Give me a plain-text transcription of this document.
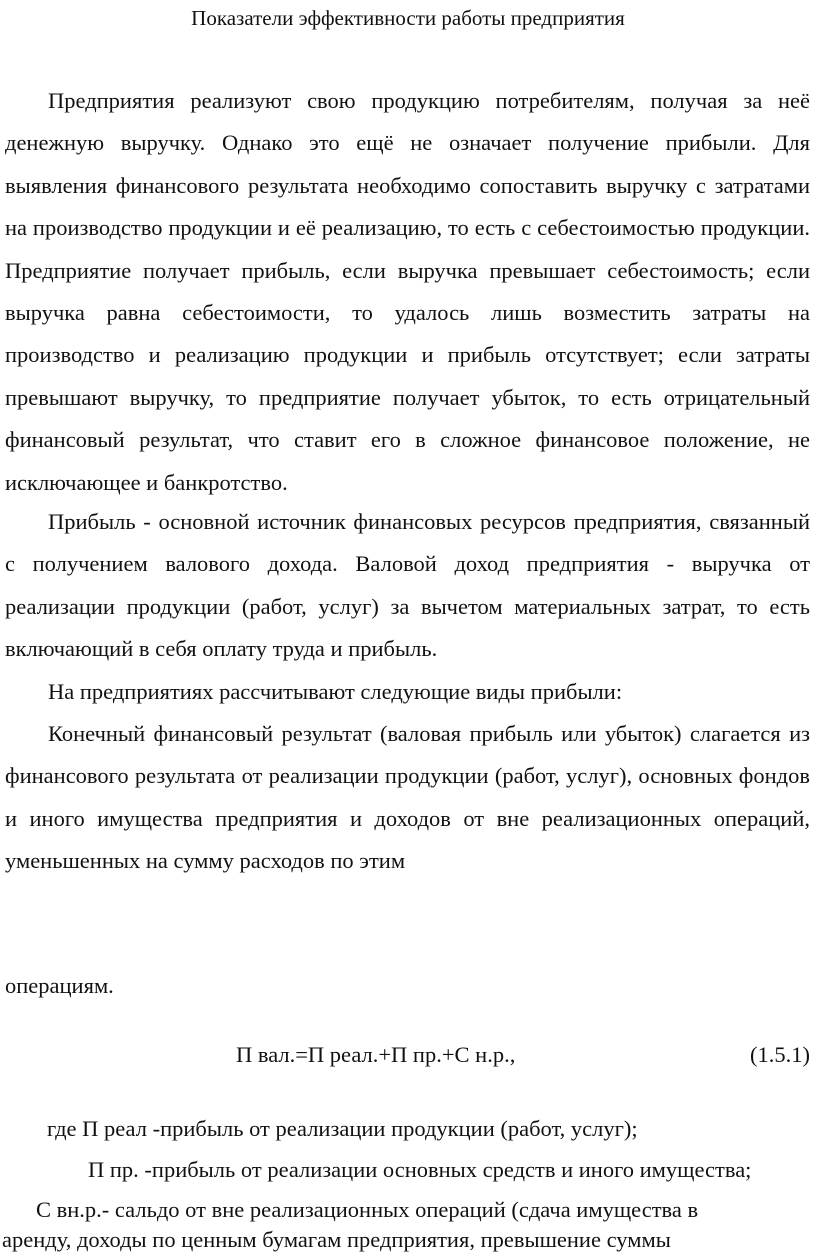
Показатели эффективности работы предприятия

Предприятия реализуют свою продукцию потребителям, получая за неё денежную выручку. Однако это ещё не означает получение прибыли. Для выявления финансового результата необходимо сопоставить выручку с затратами на производство продукции и её реализацию, то есть с себестоимостью продукции. Предприятие получает прибыль, если выручка превышает себестоимость; если выручка равна себестоимости, то удалось лишь возместить затраты на производство и реализацию продукции и прибыль отсутствует; если затраты превышают выручку, то предприятие получает убыток, то есть отрицательный финансовый результат, что ставит его в сложное финансовое положение, не исключающее и банкротство.

Прибыль - основной источник финансовых ресурсов предприятия, связанный с получением валового дохода. Валовой доход предприятия - выручка от реализации продукции (работ, услуг) за вычетом материальных затрат, то есть включающий в себя оплату труда и прибыль.

На предприятиях рассчитывают следующие виды прибыли:

Конечный финансовый результат (валовая прибыль или убыток) слагается из финансового результата от реализации продукции (работ, услуг), основных фондов и иного имущества предприятия и доходов от вне реализационных операций, уменьшенных на сумму расходов по этим

операциям.

П вал.=П реал.+П пр.+С н.р.,	(1.5.1)
где П реал -прибыль от реализации продукции (работ, услуг);
П пр. -прибыль от реализации основных средств и иного имущества;
С вн.р.- сальдо от вне реализационных операций (сдача имущества в
аренду, доходы по ценным бумагам предприятия, превышение суммы
